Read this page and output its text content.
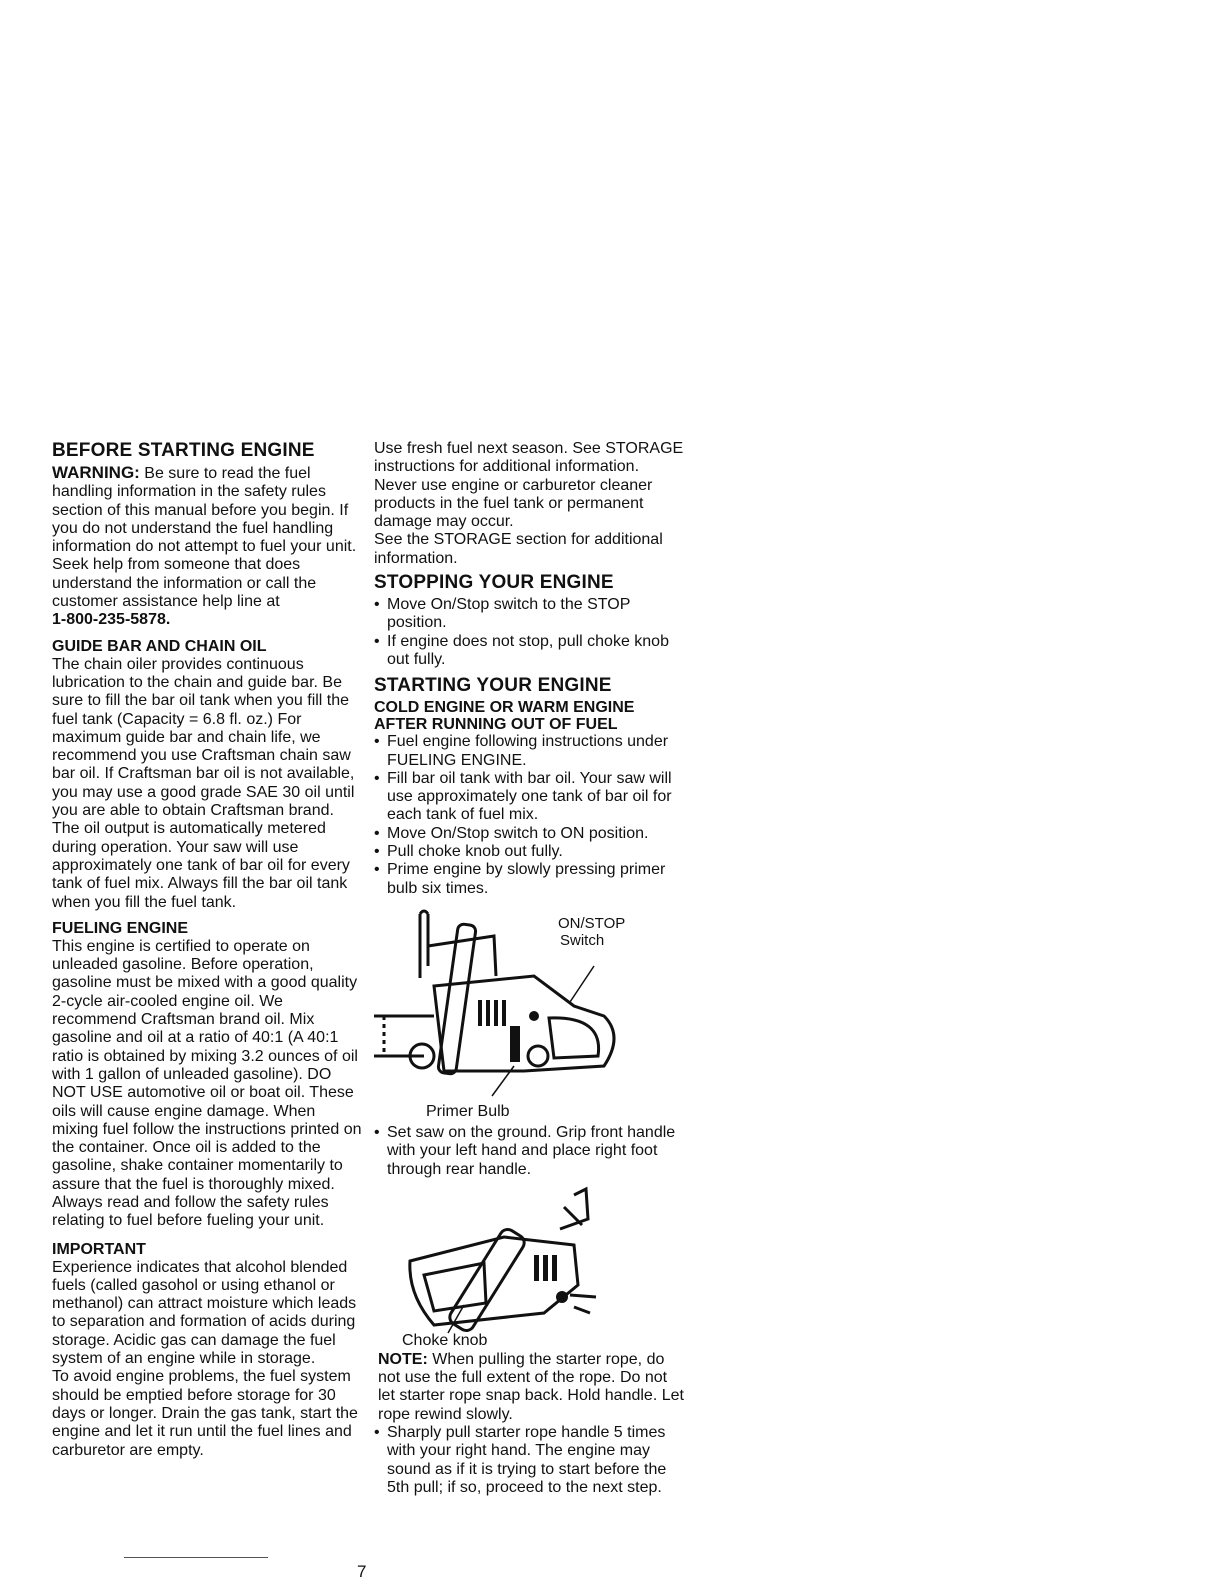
BEFORE STARTING ENGINE

WARNING: Be sure to read the fuel handling information in the safety rules section of this manual before you begin. If you do not understand the fuel handling information do not attempt to fuel your unit. Seek help from someone that does understand the information or call the customer assistance help line at

1-800-235-5878.

GUIDE BAR AND CHAIN OIL

The chain oiler provides continuous lubrication to the chain and guide bar. Be sure to fill the bar oil tank when you fill the fuel tank (Capacity = 6.8 fl. oz.) For maximum guide bar and chain life, we recommend you use Craftsman chain saw bar oil. If Craftsman bar oil is not available, you may use a good grade SAE 30 oil until you are able to obtain Craftsman brand. The oil output is automatically metered during operation. Your saw will use approximately one tank of bar oil for every tank of fuel mix. Always fill the bar oil tank when you fill the fuel tank.

FUELING ENGINE

This engine is certified to operate on unleaded gasoline. Before operation, gasoline must be mixed with a good quality 2-cycle air-cooled engine oil. We recommend Craftsman brand oil. Mix gasoline and oil at a ratio of 40:1 (A 40:1 ratio is obtained by mixing 3.2 ounces of oil with 1 gallon of unleaded gasoline). DO NOT USE automotive oil or boat oil. These oils will cause engine damage. When mixing fuel follow the instructions printed on the container. Once oil is added to the gasoline, shake container momentarily to assure that the fuel is thoroughly mixed. Always read and follow the safety rules relating to fuel before fueling your unit.

IMPORTANT

Experience indicates that alcohol blended fuels (called gasohol or using ethanol or methanol) can attract moisture which leads to separation and formation of acids during storage. Acidic gas can damage the fuel system of an engine while in storage.

To avoid engine problems, the fuel system should be emptied before storage for 30 days or longer. Drain the gas tank, start the engine and let it run until the fuel lines and carburetor are empty.

Use fresh fuel next season. See STORAGE instructions for additional information.

Never use engine or carburetor cleaner products in the fuel tank or permanent damage may occur.

See the STORAGE section for additional information.

STOPPING YOUR ENGINE
• Move On/Stop switch to the STOP position.
• If engine does not stop, pull choke knob out fully.
STARTING YOUR ENGINE
COLD ENGINE OR WARM ENGINE AFTER RUNNING OUT OF FUEL
• Fuel engine following instructions under FUELING ENGINE.
• Fill bar oil tank with bar oil. Your saw will use approximately one tank of bar oil for each tank of fuel mix.
• Move On/Stop switch to ON position.
• Pull choke knob out fully.
• Prime engine by slowly pressing primer bulb six times.
ON/STOP
Switch
Primer Bulb
• Set saw on the ground. Grip front handle with your left hand and place right foot through rear handle.
Choke knob

NOTE: When pulling the starter rope, do not use the full extent of the rope. Do not let starter rope snap back. Hold handle. Let rope rewind slowly.

• Sharply pull starter rope handle 5 times with your right hand. The engine may sound as if it is trying to start before the 5th pull; if so, proceed to the next step.
7
